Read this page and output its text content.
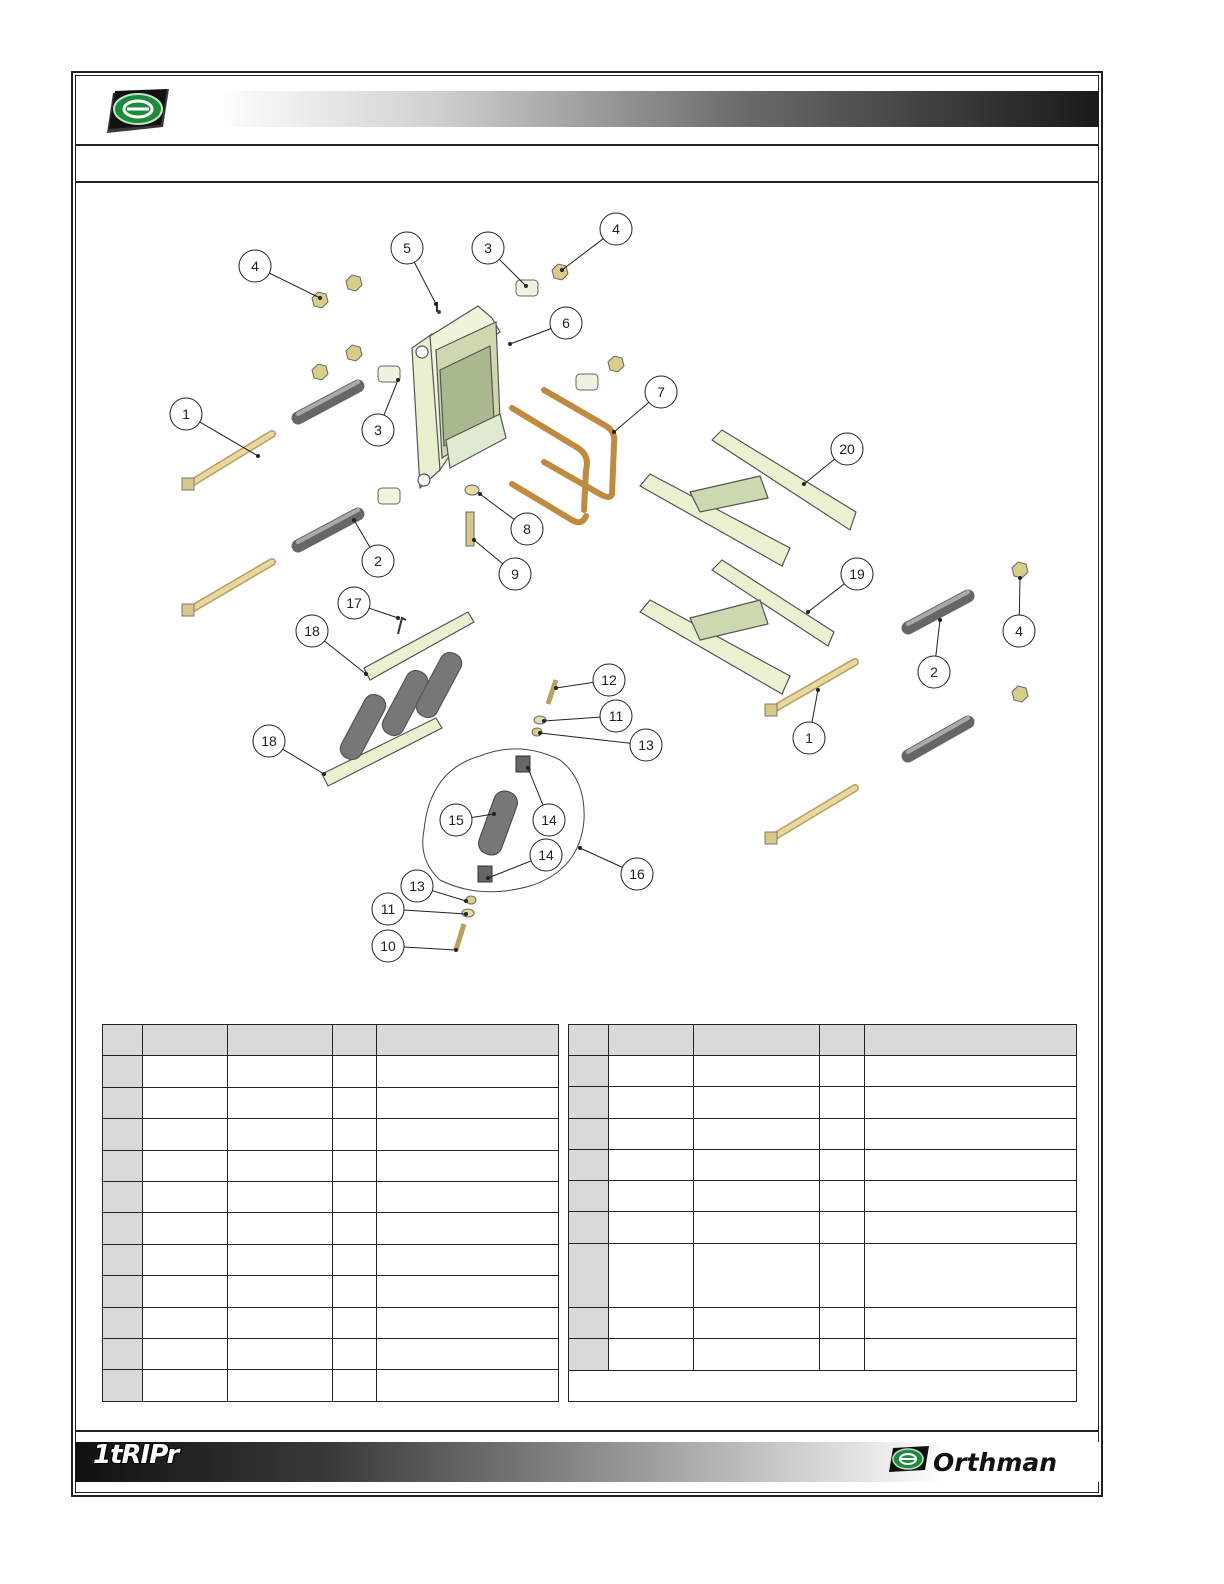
1
2
2
3
3
4
4
4
5
6
7
8
9
10
11
11
12
13
13
14
14
15
16
17
18
18
19
20
1

1tRIPr	Orthman
